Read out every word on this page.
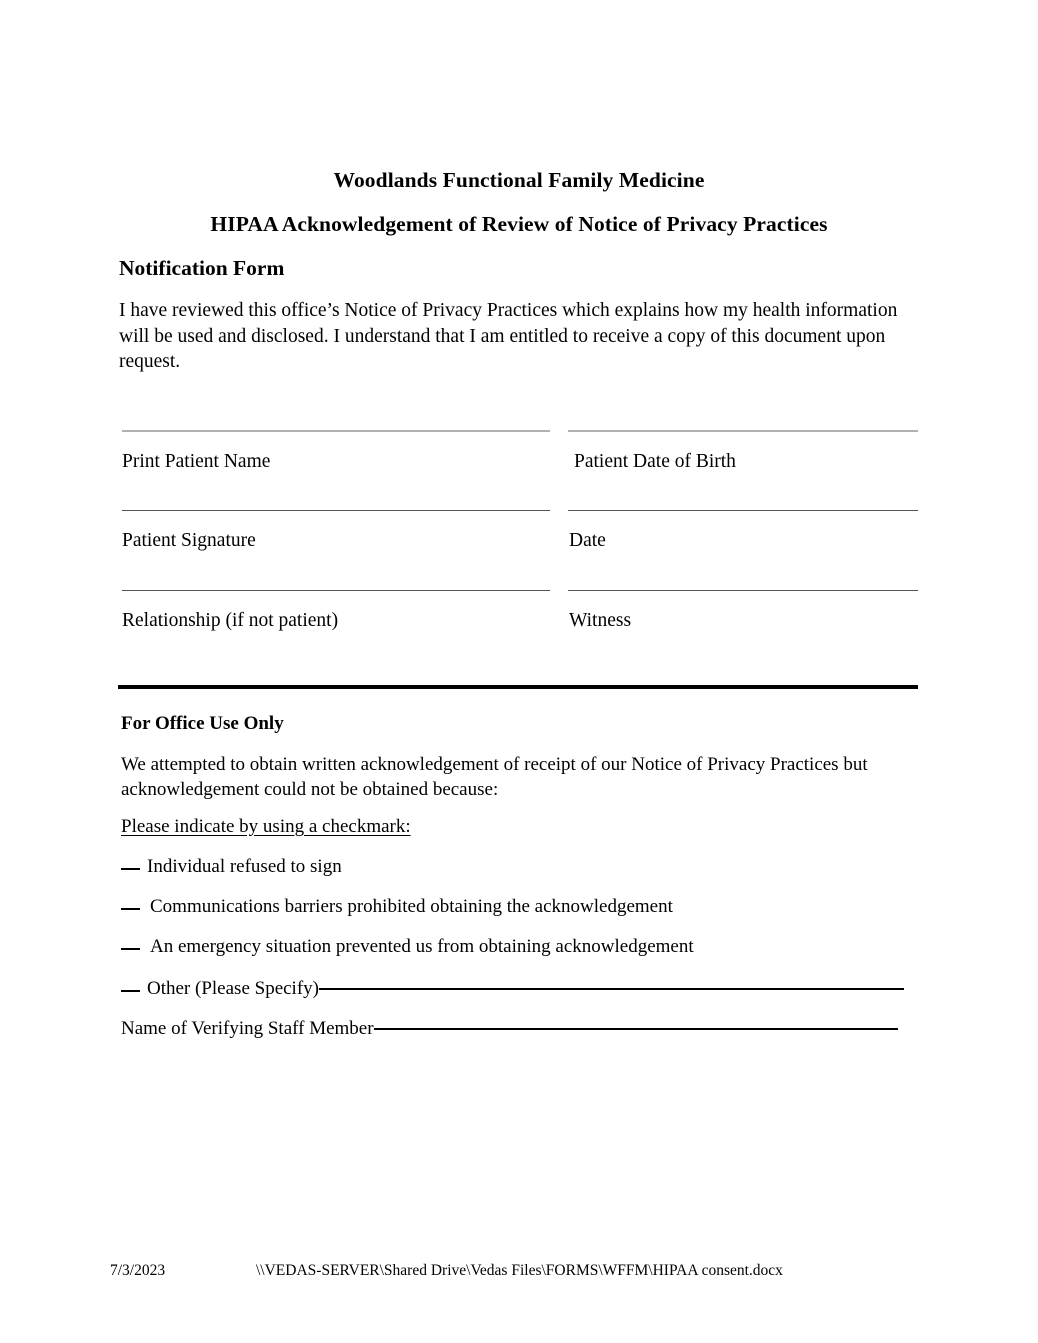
Woodlands Functional Family Medicine
HIPAA Acknowledgement of Review of Notice of Privacy Practices
Notification Form
I have reviewed this office’s Notice of Privacy Practices which explains how my health information will be used and disclosed. I understand that I am entitled to receive a copy of this document upon request.
Print Patient Name	Patient Date of Birth
Patient Signature	Date
Relationship (if not patient)	Witness
For Office Use Only
We attempted to obtain written acknowledgement of receipt of our Notice of Privacy Practices but acknowledgement could not be obtained because:
Please indicate by using a checkmark:
Individual refused to sign
Communications barriers prohibited obtaining the acknowledgement
An emergency situation prevented us from obtaining acknowledgement
Other (Please Specify)
Name of Verifying Staff Member
7/3/2023	\\VEDAS-SERVER\Shared Drive\Vedas Files\FORMS\WFFM\HIPAA consent.docx
